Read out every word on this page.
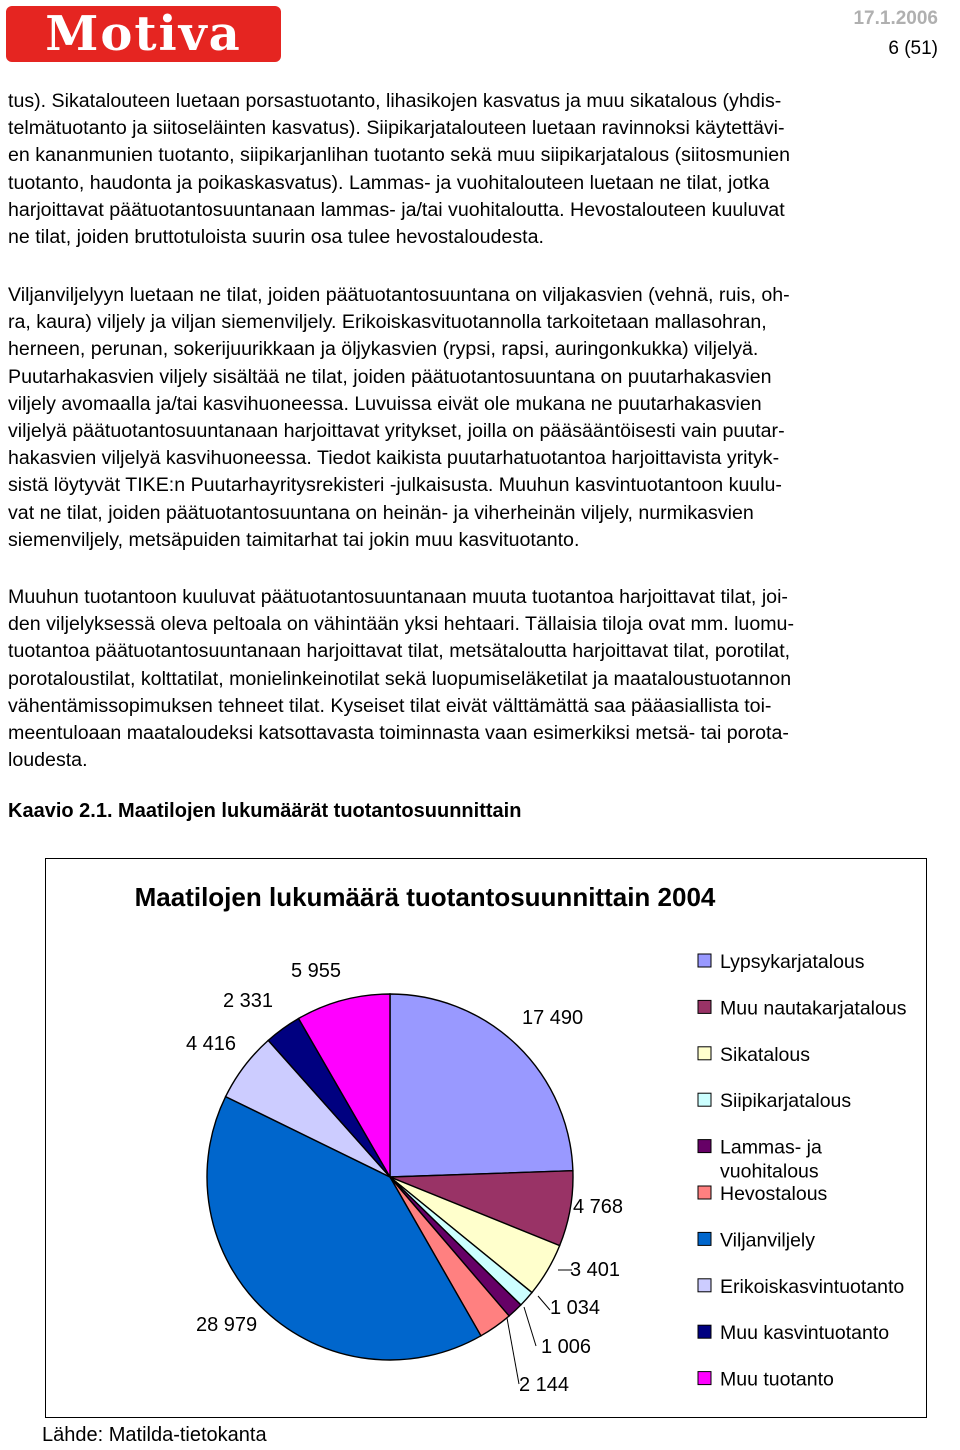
Motiva	17.1.2006
6 (51)
tus). Sikatalouteen luetaan porsastuotanto, lihasikojen kasvatus ja muu sikatalous (yhdis-
telmätuotanto ja siitoseläinten kasvatus). Siipikarjatalouteen luetaan ravinnoksi käytettävi-
en kananmunien tuotanto, siipikarjanlihan tuotanto sekä muu siipikarjatalous (siitosmunien
tuotanto, haudonta ja poikaskasvatus). Lammas- ja vuohitalouteen luetaan ne tilat, jotka
harjoittavat päätuotantosuuntanaan lammas- ja/tai vuohitaloutta. Hevostalouteen kuuluvat
ne tilat, joiden bruttotuloista suurin osa tulee hevostaloudesta.
Viljanviljelyyn luetaan ne tilat, joiden päätuotantosuuntana on viljakasvien (vehnä, ruis, oh-
ra, kaura) viljely ja viljan siemenviljely. Erikoiskasvituotannolla tarkoitetaan mallasohran,
herneen, perunan, sokerijuurikkaan ja öljykasvien (rypsi, rapsi, auringonkukka) viljelyä.
Puutarhakasvien viljely sisältää ne tilat, joiden päätuotantosuuntana on puutarhakasvien
viljely avomaalla ja/tai kasvihuoneessa. Luvuissa eivät ole mukana ne puutarhakasvien
viljelyä päätuotantosuuntanaan harjoittavat yritykset, joilla on pääsääntöisesti vain puutar-
hakasvien viljelyä kasvihuoneessa. Tiedot kaikista puutarhatuotantoa harjoittavista yrityk-
sistä löytyvät TIKE:n Puutarhayritysrekisteri -julkaisusta. Muuhun kasvintuotantoon kuulu-
vat ne tilat, joiden päätuotantosuuntana on heinän- ja viherheinän viljely, nurmikasvien
siemenviljely, metsäpuiden taimitarhat tai jokin muu kasvituotanto.
Muuhun tuotantoon kuuluvat päätuotantosuuntanaan muuta tuotantoa harjoittavat tilat, joi-
den viljelyksessä oleva peltoala on vähintään yksi hehtaari. Tällaisia tiloja ovat mm. luomu-
tuotantoa päätuotantosuuntanaan harjoittavat tilat, metsätaloutta harjoittavat tilat, porotilat,
porotaloustilat, kolttatilat, monielinkeinotilat sekä luopumiseläketilat ja maataloustuotannon
vähentämissopimuksen tehneet tilat. Kyseiset tilat eivät välttämättä saa pääasiallista toi-
meentuloaan maataloudeksi katsottavasta toiminnasta vaan esimerkiksi metsä- tai porota-
loudesta.
Kaavio 2.1. Maatilojen lukumäärät tuotantosuunnittain
Maatilojen lukumäärä tuotantosuunnittain 2004
17 490
4 768
3 401
1 034
1 006
2 144
28 979
4 416
2 331
5 955	Lypsykarjatalous
Muu nautakarjatalous
Sikatalous
Siipikarjatalous
Lammas- ja vuohitalous
Hevostalous
Viljanviljely
Erikoiskasvintuotanto
Muu kasvintuotanto
Muu tuotanto
Lähde: Matilda-tietokanta
